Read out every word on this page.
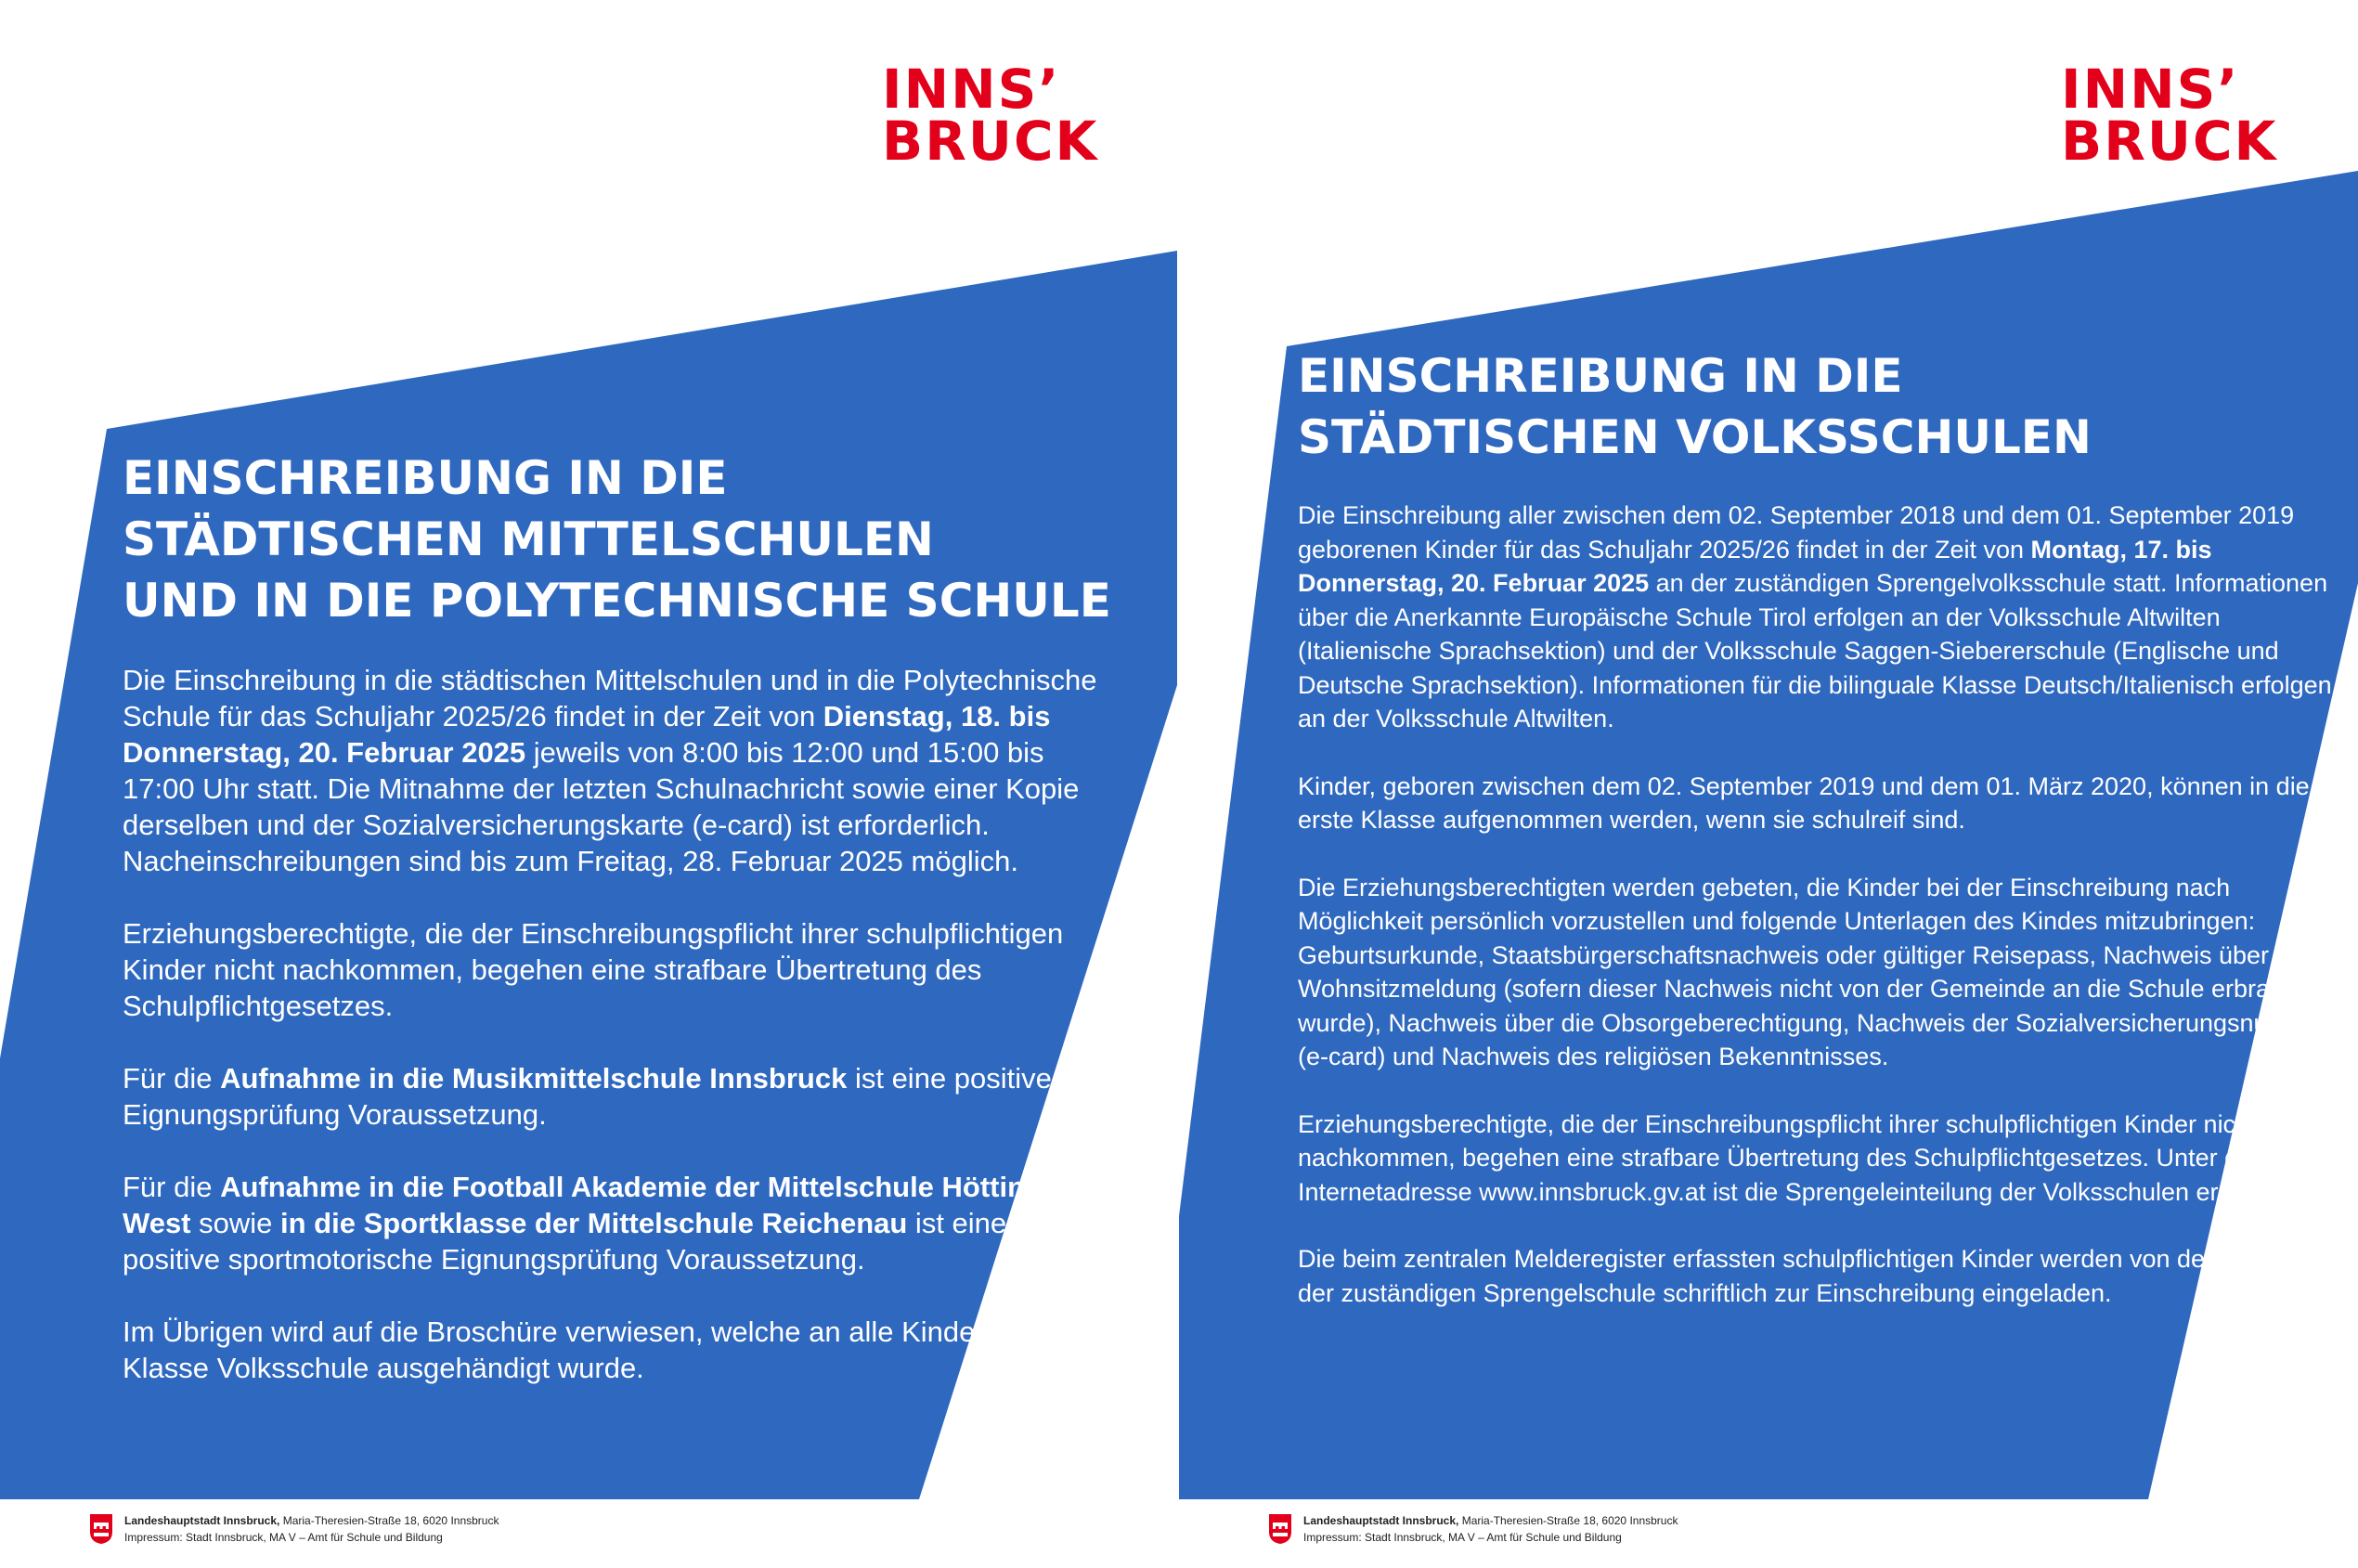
INNS’
BRUCK
EINSCHREIBUNG IN DIE
STÄDTISCHEN MITTELSCHULEN
UND IN DIE POLYTECHNISCHE SCHULE

Die Einschreibung in die städtischen Mittelschulen und in die Polytechnische Schule für das Schuljahr 2025/26 findet in der Zeit von Dienstag, 18. bis Donnerstag, 20. Februar 2025 jeweils von 8:00 bis 12:00 und 15:00 bis 17:00 Uhr statt. Die Mitnahme der letzten Schulnachricht sowie einer Kopie derselben und der Sozialversicherungskarte (e-card) ist erforderlich. Nacheinschreibungen sind bis zum Freitag, 28. Februar 2025 möglich.

Erziehungsberechtigte, die der Einschreibungspflicht ihrer schulpflichtigen Kinder nicht nachkommen, begehen eine strafbare Übertretung des Schulpflichtgesetzes.

Für die Aufnahme in die Musikmittelschule Innsbruck ist eine positive Eignungsprüfung Voraussetzung.

Für die Aufnahme in die Football Akademie der Mittelschule Hötting-West sowie in die Sportklasse der Mittelschule Reichenau ist eine positive sportmotorische Eignungsprüfung Voraussetzung.

Im Übrigen wird auf die Broschüre verwiesen, welche an alle Kinder der 4. Klasse Volksschule ausgehändigt wurde.

Landeshauptstadt Innsbruck, Maria-Theresien-Straße 18, 6020 Innsbruck
Impressum: Stadt Innsbruck, MA V – Amt für Schule und Bildung
INNS’
BRUCK
EINSCHREIBUNG IN DIE
STÄDTISCHEN VOLKSSCHULEN

Die Einschreibung aller zwischen dem 02. September 2018 und dem 01. September 2019 geborenen Kinder für das Schuljahr 2025/26 findet in der Zeit von Montag, 17. bis Donnerstag, 20. Februar 2025 an der zuständigen Sprengelvolksschule statt. Informationen über die Anerkannte Europäische Schule Tirol erfolgen an der Volksschule Altwilten (Italienische Sprachsektion) und der Volksschule Saggen-Siebererschule (Englische und Deutsche Sprachsektion). Informationen für die bilinguale Klasse Deutsch/Italienisch erfolgen an der Volksschule Altwilten.

Kinder, geboren zwischen dem 02. September 2019 und dem 01. März 2020, können in die erste Klasse aufgenommen werden, wenn sie schulreif sind.

Die Erziehungsberechtigten werden gebeten, die Kinder bei der Einschreibung nach Möglichkeit persönlich vorzustellen und folgende Unterlagen des Kindes mitzubringen: Geburtsurkunde, Staatsbürgerschaftsnachweis oder gültiger Reisepass, Nachweis über die Wohnsitzmeldung (sofern dieser Nachweis nicht von der Gemeinde an die Schule erbracht wurde), Nachweis über die Obsorgeberechtigung, Nachweis der Sozialversicherungsnummer (e-card) und Nachweis des religiösen Bekenntnisses.

Erziehungsberechtigte, die der Einschreibungspflicht ihrer schulpflichtigen Kinder nicht nachkommen, begehen eine strafbare Übertretung des Schulpflichtgesetzes. Unter der Internetadresse www.innsbruck.gv.at ist die Sprengeleinteilung der Volksschulen ersichtlich.

Die beim zentralen Melderegister erfassten schulpflichtigen Kinder werden von der Leitung der zuständigen Sprengelschule schriftlich zur Einschreibung eingeladen.

Landeshauptstadt Innsbruck, Maria-Theresien-Straße 18, 6020 Innsbruck
Impressum: Stadt Innsbruck, MA V – Amt für Schule und Bildung
